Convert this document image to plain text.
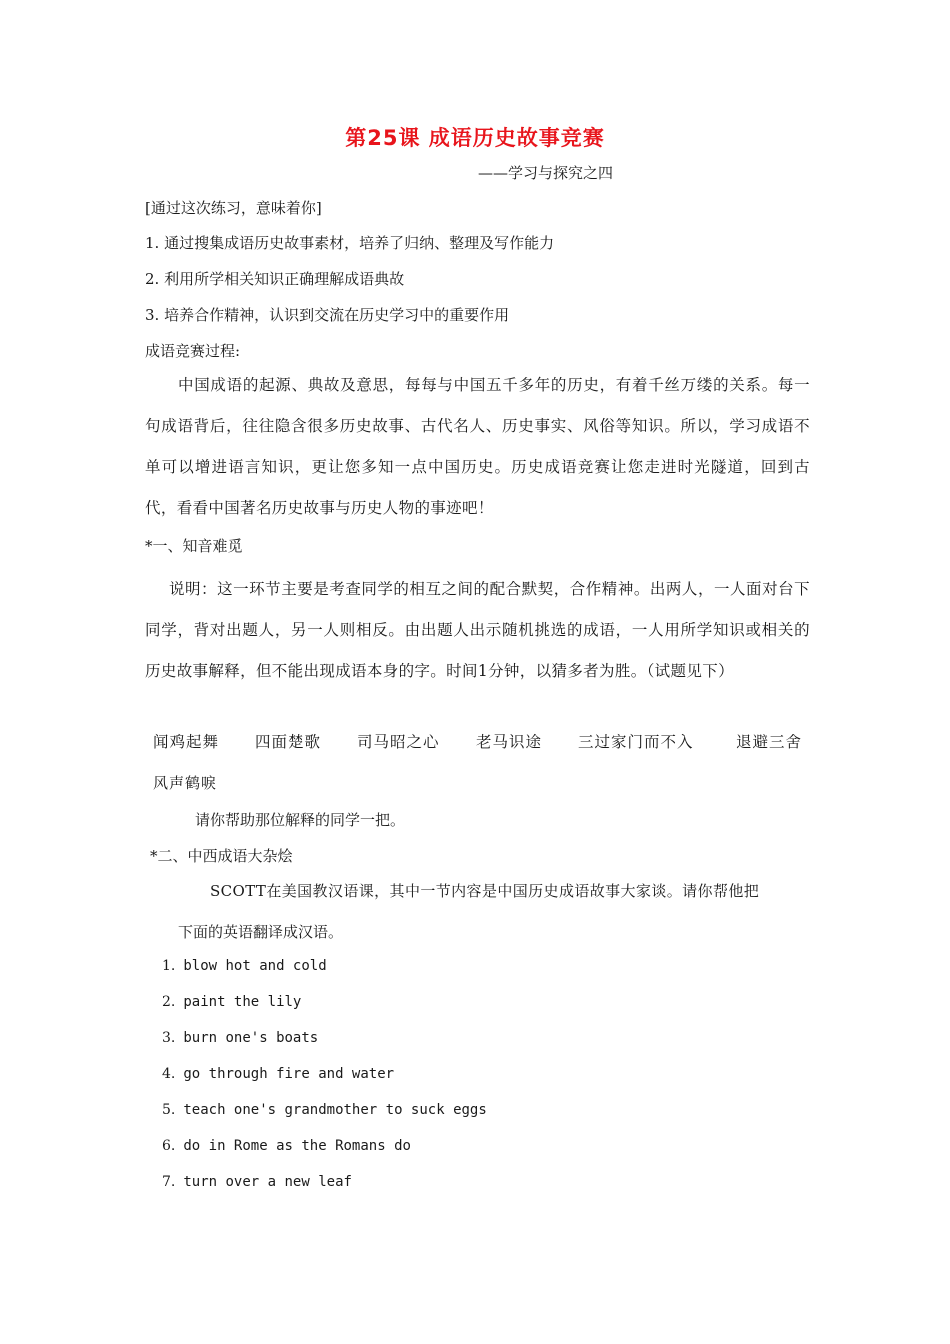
第25课 成语历史故事竞赛
——学习与探究之四
[通过这次练习，意味着你]
1. 通过搜集成语历史故事素材，培养了归纳、整理及写作能力
2. 利用所学相关知识正确理解成语典故
3. 培养合作精神，认识到交流在历史学习中的重要作用
成语竞赛过程:
中国成语的起源、典故及意思，每每与中国五千多年的历史，有着千丝万缕的关系。每一句成语背后，往往隐含很多历史故事、古代名人、历史事实、风俗等知识。所以，学习成语不单可以增进语言知识，更让您多知一点中国历史。历史成语竞赛让您走进时光隧道，回到古代，看看中国著名历史故事与历史人物的事迹吧！
*一、知音难觅
说明：这一环节主要是考查同学的相互之间的配合默契，合作精神。出两人，一人面对台下同学，背对出题人，另一人则相反。由出题人出示随机挑选的成语，一人用所学知识或相关的历史故事解释，但不能出现成语本身的字。时间1分钟，以猜多者为胜。（试题见下）
闻鸡起舞 四面楚歌 司马昭之心 老马识途 三过家门而不入	退避三舍
风声鹤唳
请你帮助那位解释的同学一把。
*二、中西成语大杂烩
SCOTT在美国教汉语课，其中一节内容是中国历史成语故事大家谈。请你帮他把
下面的英语翻译成汉语。
1. blow hot and cold
2. paint the lily
3. burn one's boats
4. go through fire and water
5. teach one's grandmother to suck eggs
6. do in Rome as the Romans do
7. turn over a new leaf
